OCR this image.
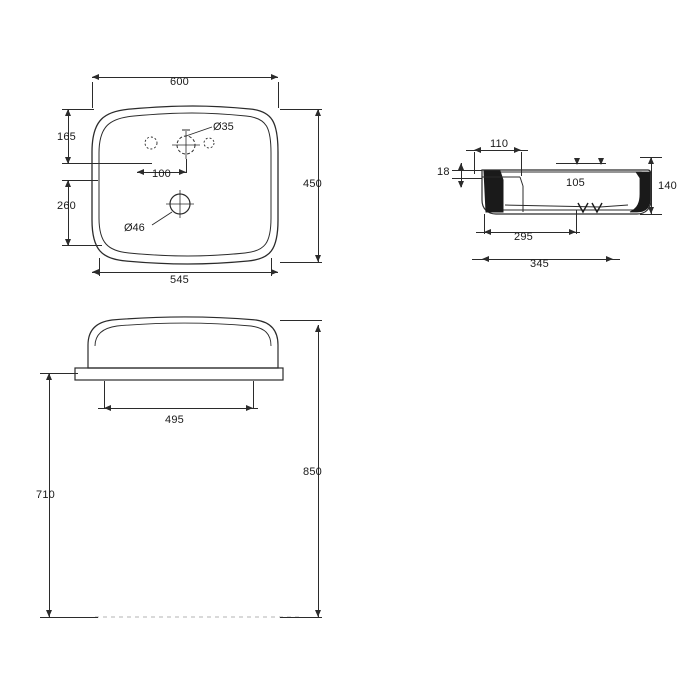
600
545
450
165
260
100
Ø35
Ø46
110
18
105	140
295
345
495
850
710
